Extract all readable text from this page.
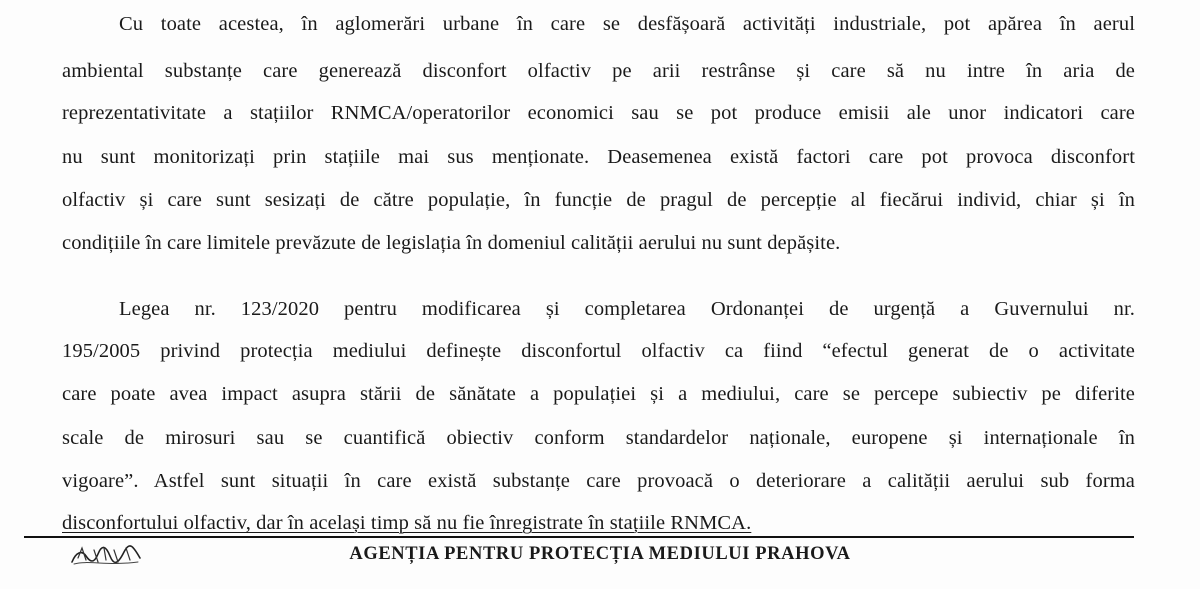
Cu toate acestea, în aglomerări urbane în care se desfășoară activități industriale, pot apărea în aerul
ambiental substanțe care generează disconfort olfactiv pe arii restrânse și care să nu intre în aria de
reprezentativitate a stațiilor RNMCA/operatorilor economici sau se pot produce emisii ale unor indicatori care
nu sunt monitorizați prin stațiile mai sus menționate. Deasemenea există factori care pot provoca disconfort
olfactiv și care sunt sesizați de către populație, în funcție de pragul de percepție al fiecărui individ, chiar și în
condițiile în care limitele prevăzute de legislația în domeniul calității aerului nu sunt depășite.
Legea nr. 123/2020 pentru modificarea și completarea Ordonanței de urgență a Guvernului nr.
195/2005 privind protecția mediului definește disconfortul olfactiv ca fiind “efectul generat de o activitate
care poate avea impact asupra stării de sănătate a populației și a mediului, care se percepe subiectiv pe diferite
scale de mirosuri sau se cuantifică obiectiv conform standardelor naționale, europene și internaționale în
vigoare”. Astfel sunt situații în care există substanțe care provoacă o deteriorare a calității aerului sub forma
disconfortului olfactiv, dar în același timp să nu fie înregistrate în stațiile RNMCA.
AGENȚIA PENTRU PROTECȚIA MEDIULUI PRAHOVA
